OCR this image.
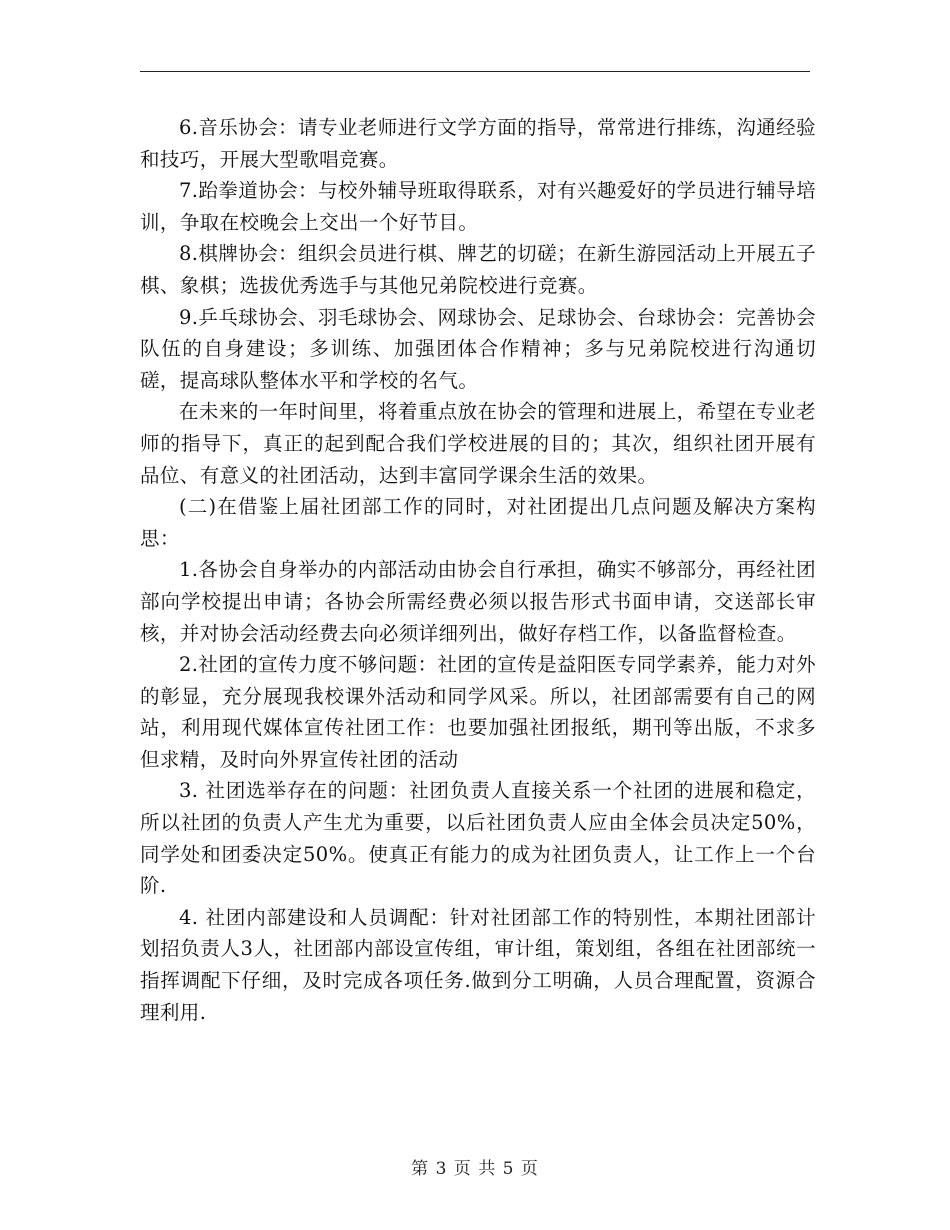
6.音乐协会：请专业老师进行文学方面的指导，常常进行排练，沟通经验和技巧，开展大型歌唱竞赛。

7.跆拳道协会：与校外辅导班取得联系，对有兴趣爱好的学员进行辅导培训，争取在校晚会上交出一个好节目。

8.棋牌协会：组织会员进行棋、牌艺的切磋；在新生游园活动上开展五子棋、象棋；选拔优秀选手与其他兄弟院校进行竞赛。

9.乒乓球协会、羽毛球协会、网球协会、足球协会、台球协会：完善协会队伍的自身建设；多训练、加强团体合作精神；多与兄弟院校进行沟通切磋，提高球队整体水平和学校的名气。

在未来的一年时间里，将着重点放在协会的管理和进展上，希望在专业老师的指导下，真正的起到配合我们学校进展的目的；其次，组织社团开展有品位、有意义的社团活动，达到丰富同学课余生活的效果。

(二)在借鉴上届社团部工作的同时，对社团提出几点问题及解决方案构思：

1.各协会自身举办的内部活动由协会自行承担，确实不够部分，再经社团部向学校提出申请；各协会所需经费必须以报告形式书面申请，交送部长审核，并对协会活动经费去向必须详细列出，做好存档工作，以备监督检查。

2.社团的宣传力度不够问题：社团的宣传是益阳医专同学素养，能力对外的彰显，充分展现我校课外活动和同学风采。所以，社团部需要有自己的网站，利用现代媒体宣传社团工作：也要加强社团报纸，期刊等出版，不求多但求精，及时向外界宣传社团的活动

3. 社团选举存在的问题：社团负责人直接关系一个社团的进展和稳定，所以社团的负责人产生尤为重要，以后社团负责人应由全体会员决定50%，同学处和团委决定50%。使真正有能力的成为社团负责人，让工作上一个台阶.

4. 社团内部建设和人员调配：针对社团部工作的特别性，本期社团部计划招负责人3人，社团部内部设宣传组，审计组，策划组，各组在社团部统一指挥调配下仔细，及时完成各项任务.做到分工明确，人员合理配置，资源合理利用.

第 3 页 共 5 页
